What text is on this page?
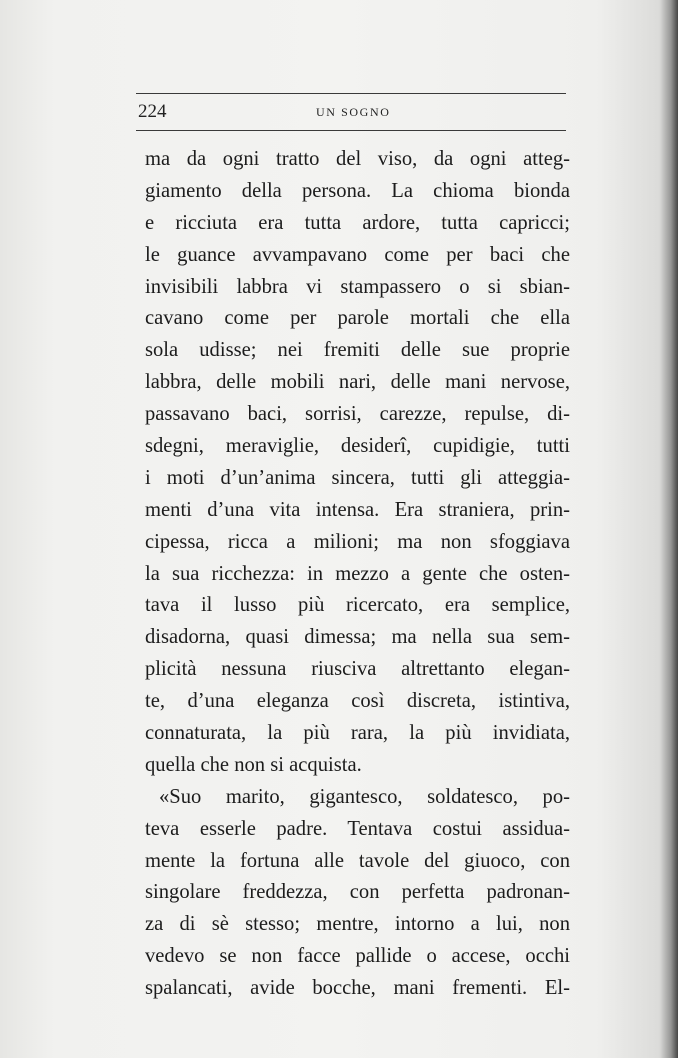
224	UN SOGNO
ma da ogni tratto del viso, da ogni atteg-
giamento della persona. La chioma bionda
e ricciuta era tutta ardore, tutta capricci;
le guance avvampavano come per baci che
invisibili labbra vi stampassero o si sbian-
cavano come per parole mortali che ella
sola udisse; nei fremiti delle sue proprie
labbra, delle mobili nari, delle mani nervose,
passavano baci, sorrisi, carezze, repulse, di-
sdegni, meraviglie, desiderî, cupidigie, tutti
i moti d’un’anima sincera, tutti gli atteggia-
menti d’una vita intensa. Era straniera, prin-
cipessa, ricca a milioni; ma non sfoggiava
la sua ricchezza: in mezzo a gente che osten-
tava il lusso più ricercato, era semplice,
disadorna, quasi dimessa; ma nella sua sem-
plicità nessuna riusciva altrettanto elegan-
te, d’una eleganza così discreta, istintiva,
connaturata, la più rara, la più invidiata,
quella che non si acquista.
«Suo marito, gigantesco, soldatesco, po-
teva esserle padre. Tentava costui assidua-
mente la fortuna alle tavole del giuoco, con
singolare freddezza, con perfetta padronan-
za di sè stesso; mentre, intorno a lui, non
vedevo se non facce pallide o accese, occhi
spalancati, avide bocche, mani frementi. El-
